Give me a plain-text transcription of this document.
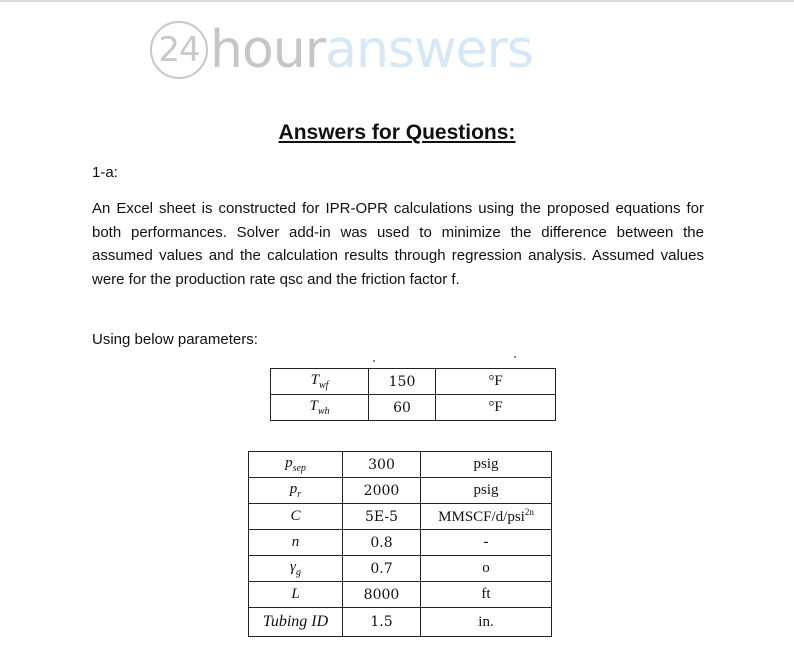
24 houranswers
Answers for Questions:
1-a:
An Excel sheet is constructed for IPR-OPR calculations using the proposed equations for both performances. Solver add-in was used to minimize the difference between the assumed values and the calculation results through regression analysis. Assumed values were for the production rate qsc and the friction factor f.
Using below parameters:
$T_{wf}$	150	°F
$T_{wh}$	60	°F
$p_{sep}$	300	psig
$p_r$	2000	psig
C	5E-5	MMSCF/d/psi$^{2n}$
n	0.8	-
$\gamma_g$	0.7	o
L	8000	ft
Tubing ID	1.5	in.
